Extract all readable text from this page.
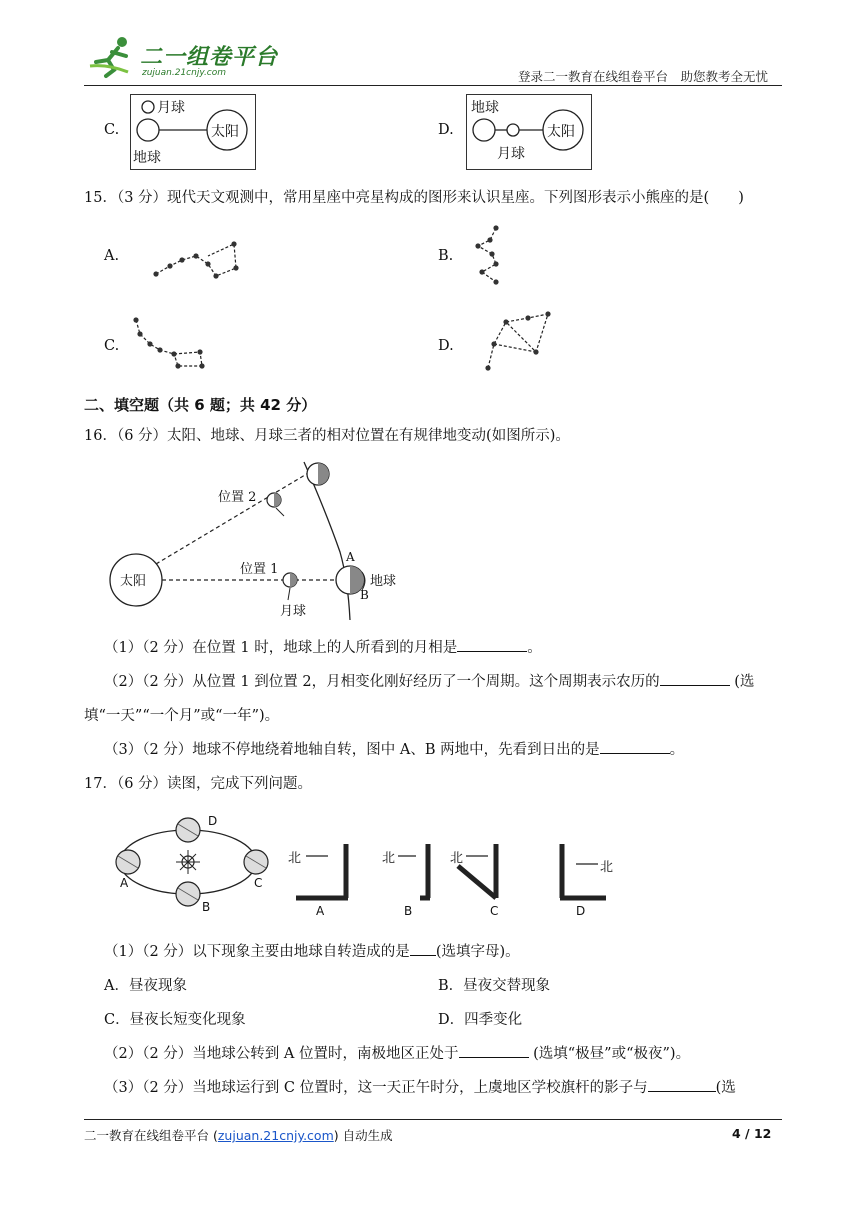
二一组卷平台
zujuan.21cnjy.com	登录二一教育在线组卷平台　助您教考全无忧
C.
月球
地球
太阳	D.
地球
月球
太阳
15．（3 分）现代天文观测中，常用星座中亮星构成的图形来认识星座。下列图形表示小熊座的是(　　)
A.	B.
C.	D.
二、填空题（共 6 题；共 42 分）
16．（6 分）太阳、地球、月球三者的相对位置在有规律地变动(如图所示)。
太阳
位置 2
位置 1
月球
地球
A
B
（1）（2 分）在位置 1 时，地球上的人所看到的月相是	。
（2）（2 分）从位置 1 到位置 2，月相变化刚好经历了一个周期。这个周期表示农历的	(选
填“一天”“一个月”或“一年”)。
（3）（2 分）地球不停地绕着地轴自转，图中 A、B 两地中，先看到日出的是	。
17．（6 分）读图，完成下列问题。
A
B
C
D
北	北	北
北
A	B	C	D
（1）（2 分）以下现象主要由地球自转造成的是 (选填字母)。
A．昼夜现象	B．昼夜交替现象
C．昼夜长短变化现象	D．四季变化
（2）（2 分）当地球公转到 A 位置时，南极地区正处于	(选填“极昼”或“极夜”)。
（3）（2 分）当地球运行到 C 位置时，这一天正午时分，上虞地区学校旗杆的影子与	(选
二一教育在线组卷平台 (zujuan.21cnjy.com) 自动生成	4 / 12
